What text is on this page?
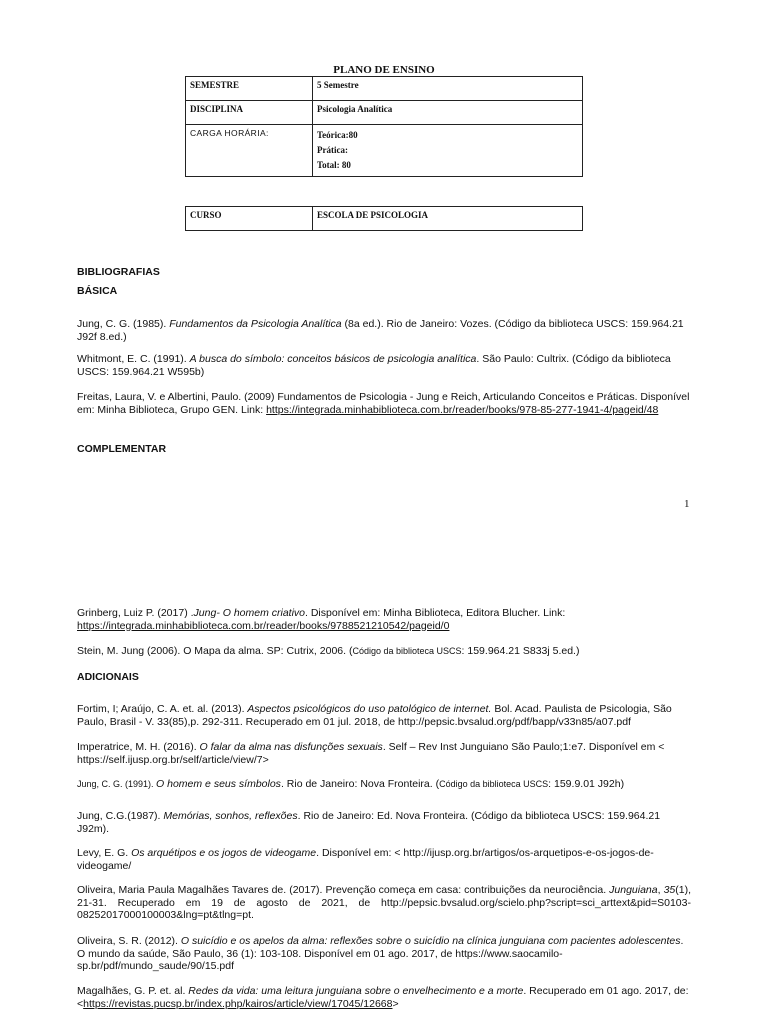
PLANO DE ENSINO
SEMESTRE	5 Semestre
DISCIPLINA	Psicologia Analítica
CARGA HORÁRIA:	Teórica:80
Prática:
Total: 80
CURSO	ESCOLA DE PSICOLOGIA
BIBLIOGRAFIAS
BÁSICA
Jung, C. G. (1985). Fundamentos da Psicologia Analítica (8a ed.). Rio de Janeiro: Vozes. (Código da biblioteca USCS: 159.964.21 J92f 8.ed.)
Whitmont, E. C. (1991). A busca do símbolo: conceitos básicos de psicologia analítica. São Paulo: Cultrix. (Código da biblioteca USCS: 159.964.21 W595b)
Freitas, Laura, V. e Albertini, Paulo. (2009) Fundamentos de Psicologia - Jung e Reich, Articulando Conceitos e Práticas. Disponível em: Minha Biblioteca, Grupo GEN. Link: https://integrada.minhabiblioteca.com.br/reader/books/978-85-277-1941-4/pageid/48
COMPLEMENTAR
1
Grinberg, Luiz P. (2017) .Jung- O homem criativo. Disponível em: Minha Biblioteca, Editora Blucher. Link: https://integrada.minhabiblioteca.com.br/reader/books/9788521210542/pageid/0
Stein, M. Jung (2006). O Mapa da alma. SP: Cutrix, 2006. (Código da biblioteca USCS: 159.964.21 S833j 5.ed.)
ADICIONAIS
Fortim, I; Araújo, C. A. et. al. (2013). Aspectos psicológicos do uso patológico de internet. Bol. Acad. Paulista de Psicologia, São Paulo, Brasil - V. 33(85),p. 292-311. Recuperado em 01 jul. 2018, de http://pepsic.bvsalud.org/pdf/bapp/v33n85/a07.pdf
Imperatrice, M. H. (2016). O falar da alma nas disfunções sexuais. Self – Rev Inst Junguiano São Paulo;1:e7. Disponível em < https://self.ijusp.org.br/self/article/view/7>
Jung, C. G. (1991). O homem e seus símbolos. Rio de Janeiro: Nova Fronteira. (Código da biblioteca USCS: 159.9.01 J92h)
Jung, C.G.(1987). Memórias, sonhos, reflexões. Rio de Janeiro: Ed. Nova Fronteira. (Código da biblioteca USCS: 159.964.21 J92m).
Levy, E. G. Os arquétipos e os jogos de videogame. Disponível em: < http://ijusp.org.br/artigos/os-arquetipos-e-os-jogos-de-videogame/
Oliveira, Maria Paula Magalhães Tavares de. (2017). Prevenção começa em casa: contribuições da neurociência. Junguiana, 35(1), 21-31. Recuperado em 19 de agosto de 2021, de http://pepsic.bvsalud.org/scielo.php?script=sci_arttext&pid=S0103-08252017000100003&lng=pt&tlng=pt.
Oliveira, S. R. (2012). O suicídio e os apelos da alma: reflexões sobre o suicídio na clínica junguiana com pacientes adolescentes. O mundo da saúde, São Paulo, 36 (1): 103-108. Disponível em 01 ago. 2017, de https://www.saocamilo-sp.br/pdf/mundo_saude/90/15.pdf
Magalhães, G. P. et. al. Redes da vida: uma leitura junguiana sobre o envelhecimento e a morte. Recuperado em 01 ago. 2017, de: <https://revistas.pucsp.br/index.php/kairos/article/view/17045/12668>
